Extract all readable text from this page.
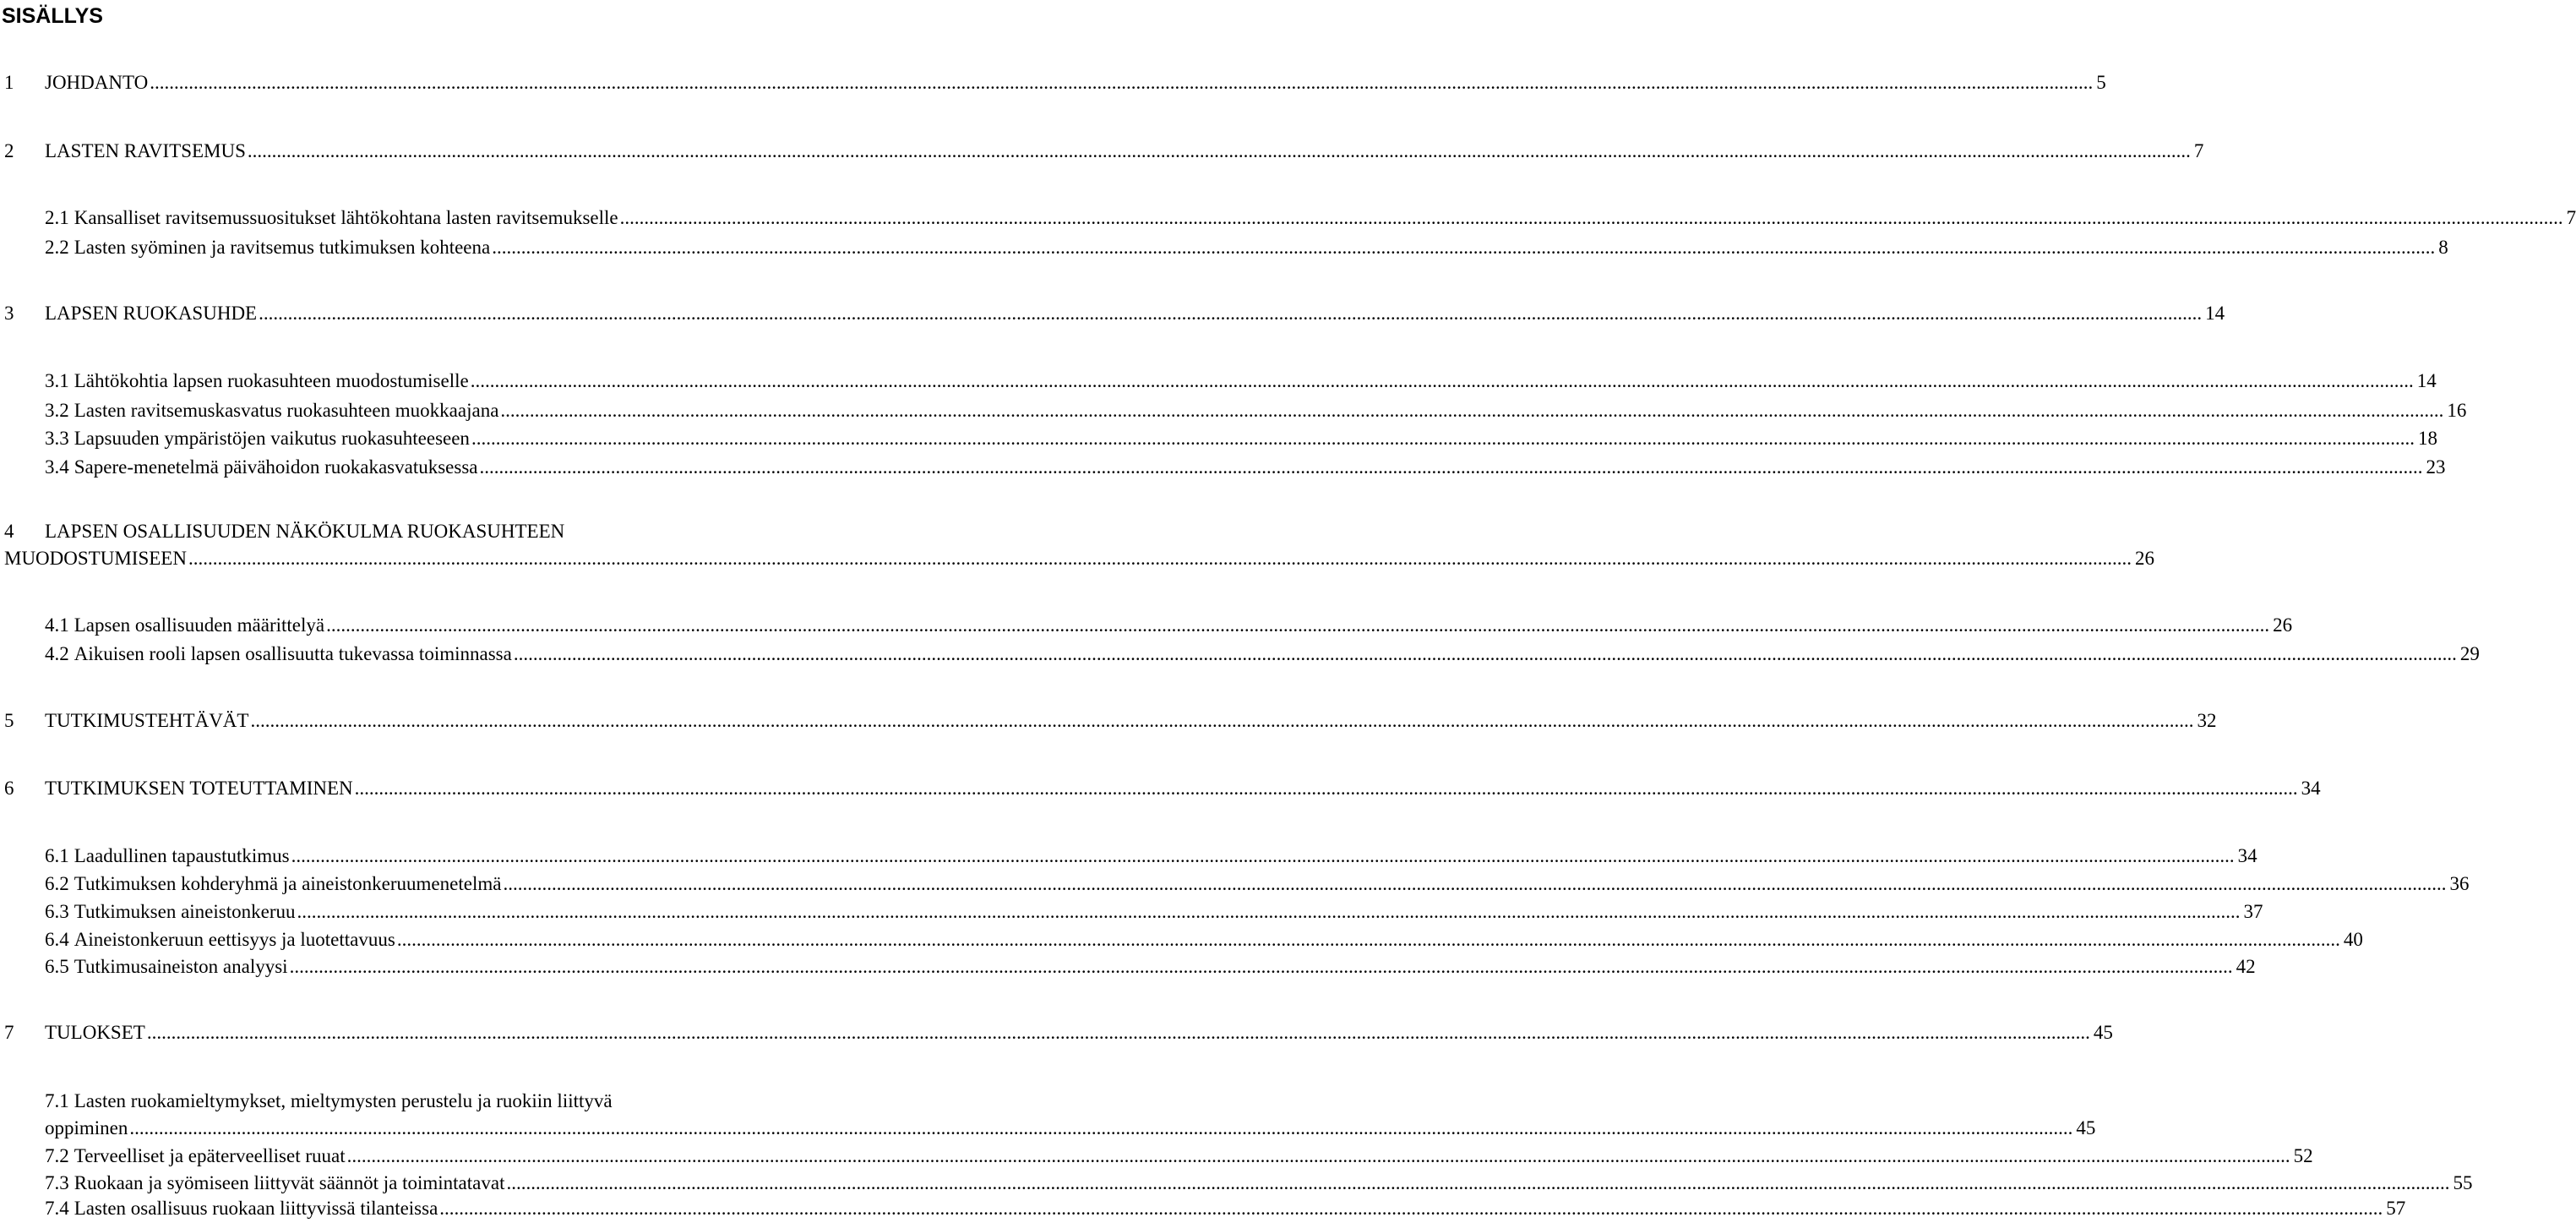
SISÄLLYS
1	JOHDANTO ................................................................................................................................................................................................................................................................................................................................................................................................................ 5
2	LASTEN RAVITSEMUS ................................................................................................................................................................................................................................................................................................................................................................................................................ 7
2.1 Kansalliset ravitsemussuositukset lähtökohtana lasten ravitsemukselle ................................................................................................................................................................................................................................................................................................................................................................................................................ 7
2.2 Lasten syöminen ja ravitsemus tutkimuksen kohteena ................................................................................................................................................................................................................................................................................................................................................................................................................ 8
3	LAPSEN RUOKASUHDE ................................................................................................................................................................................................................................................................................................................................................................................................................ 14
3.1 Lähtökohtia lapsen ruokasuhteen muodostumiselle ................................................................................................................................................................................................................................................................................................................................................................................................................ 14
3.2 Lasten ravitsemuskasvatus ruokasuhteen muokkaajana ................................................................................................................................................................................................................................................................................................................................................................................................................ 16
3.3 Lapsuuden ympäristöjen vaikutus ruokasuhteeseen ................................................................................................................................................................................................................................................................................................................................................................................................................ 18
3.4 Sapere-menetelmä päivähoidon ruokakasvatuksessa ................................................................................................................................................................................................................................................................................................................................................................................................................ 23
4 LAPSEN OSALLISUUDEN NÄKÖKULMA RUOKASUHTEEN
MUODOSTUMISEEN ................................................................................................................................................................................................................................................................................................................................................................................................................ 26
4.1 Lapsen osallisuuden määrittelyä ................................................................................................................................................................................................................................................................................................................................................................................................................ 26
4.2 Aikuisen rooli lapsen osallisuutta tukevassa toiminnassa ................................................................................................................................................................................................................................................................................................................................................................................................................ 29
5	TUTKIMUSTEHTÄVÄT ................................................................................................................................................................................................................................................................................................................................................................................................................ 32
6	TUTKIMUKSEN TOTEUTTAMINEN ................................................................................................................................................................................................................................................................................................................................................................................................................ 34
6.1 Laadullinen tapaustutkimus ................................................................................................................................................................................................................................................................................................................................................................................................................ 34
6.2 Tutkimuksen kohderyhmä ja aineistonkeruumenetelmä ................................................................................................................................................................................................................................................................................................................................................................................................................ 36
6.3 Tutkimuksen aineistonkeruu ................................................................................................................................................................................................................................................................................................................................................................................................................ 37
6.4 Aineistonkeruun eettisyys ja luotettavuus ................................................................................................................................................................................................................................................................................................................................................................................................................ 40
6.5 Tutkimusaineiston analyysi ................................................................................................................................................................................................................................................................................................................................................................................................................ 42
7	TULOKSET ................................................................................................................................................................................................................................................................................................................................................................................................................ 45
7.1 Lasten ruokamieltymykset, mieltymysten perustelu ja ruokiin liittyvä
oppiminen ................................................................................................................................................................................................................................................................................................................................................................................................................ 45
7.2 Terveelliset ja epäterveelliset ruuat ................................................................................................................................................................................................................................................................................................................................................................................................................ 52
7.3 Ruokaan ja syömiseen liittyvät säännöt ja toimintatavat ................................................................................................................................................................................................................................................................................................................................................................................................................ 55
7.4 Lasten osallisuus ruokaan liittyvissä tilanteissa ................................................................................................................................................................................................................................................................................................................................................................................................................ 57
